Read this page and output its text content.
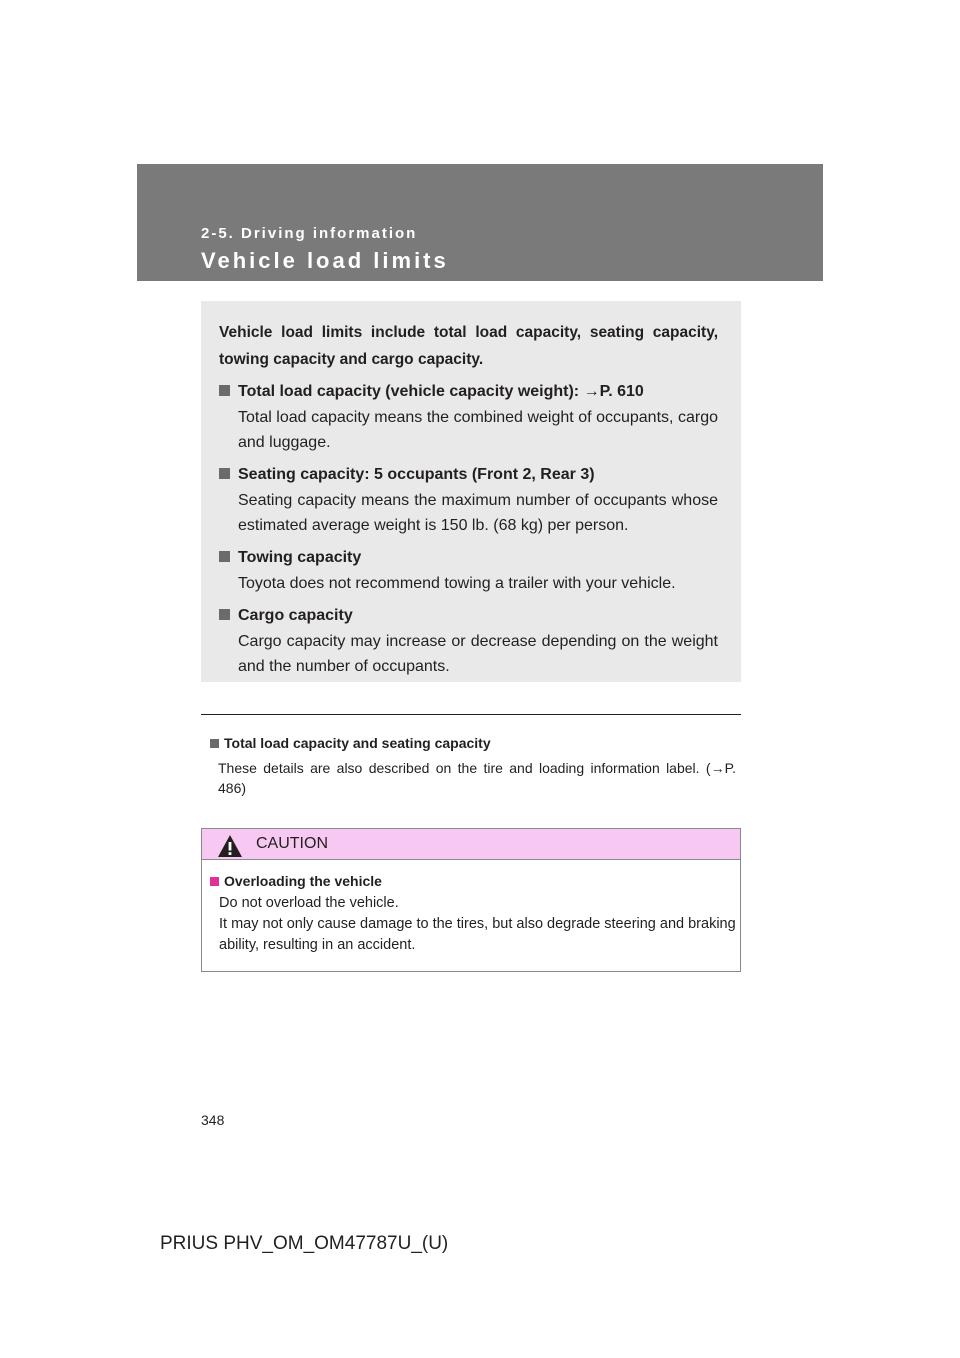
2-5. Driving information
Vehicle load limits

Vehicle load limits include total load capacity, seating capacity, towing capacity and cargo capacity.

Total load capacity (vehicle capacity weight): →P. 610
Total load capacity means the combined weight of occupants, cargo and luggage.
Seating capacity: 5 occupants (Front 2, Rear 3)
Seating capacity means the maximum number of occupants whose estimated average weight is 150 lb. (68 kg) per person.
Towing capacity
Toyota does not recommend towing a trailer with your vehicle.
Cargo capacity
Cargo capacity may increase or decrease depending on the weight and the number of occupants.
Total load capacity and seating capacity
These details are also described on the tire and loading information label. (→P. 486)
CAUTION
Overloading the vehicle
Do not overload the vehicle.
It may not only cause damage to the tires, but also degrade steering and braking ability, resulting in an accident.
348
PRIUS PHV_OM_OM47787U_(U)
